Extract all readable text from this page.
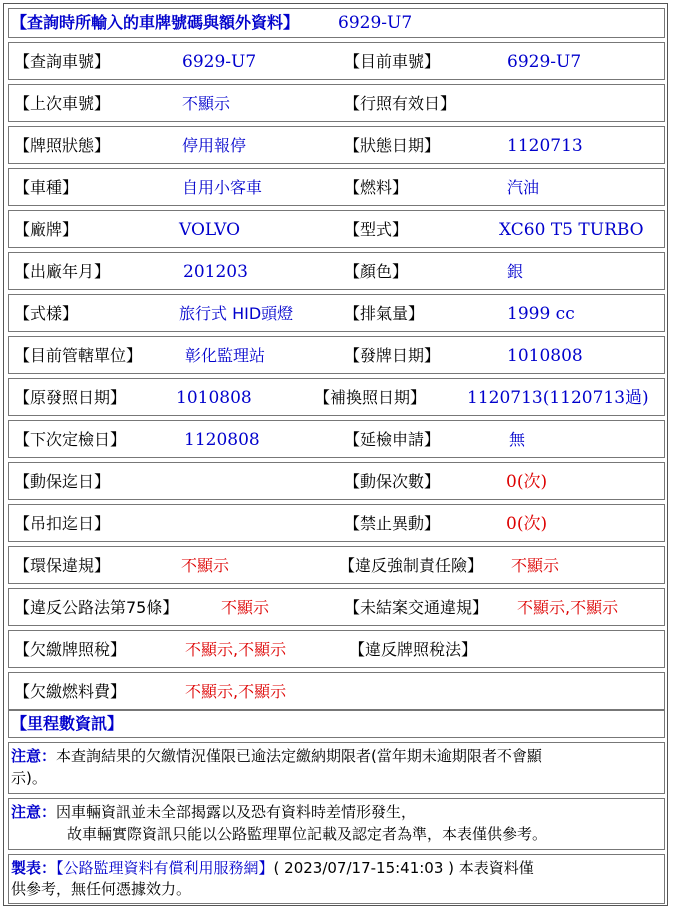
【查詢時所輸入的車牌號碼與額外資料】 6929-U7
【查詢車號】	6929-U7	【目前車號】	6929-U7
【上次車號】	不顯示	【行照有效日】
【牌照狀態】	停用報停	【狀態日期】	1120713
【車種】	自用小客車	【燃料】	汽油
【廠牌】	VOLVO	【型式】	XC60 T5 TURBO
【出廠年月】	201203	【顏色】	銀
【式樣】	旅行式 HID頭燈	【排氣量】	1999 cc
【目前管轄單位】	彰化監理站	【發牌日期】	1010808
【原發照日期】	1010808	【補換照日期】 1120713(1120713過)
【下次定檢日】	1120808	【延檢申請】	無
【動保迄日】	【動保次數】	0(次)
【吊扣迄日】	【禁止異動】	0(次)
【環保違規】	不顯示	【違反強制責任險】 不顯示
【違反公路法第75條】	不顯示	【未結案交通違規】 不顯示,不顯示
【欠繳牌照稅】	不顯示,不顯示	【違反牌照稅法】
【欠繳燃料費】	不顯示,不顯示
【里程數資訊】
注意：本查詢結果的欠繳情況僅限已逾法定繳納期限者(當年期未逾期限者不會顯
示)。
注意：因車輛資訊並未全部揭露以及恐有資料時差情形發生，
故車輛實際資訊只能以公路監理單位記載及認定者為準，本表僅供參考。
製表：【公路監理資料有償利用服務網】( 2023/07/17-15:41:03 ) 本表資料僅
供參考，無任何憑據效力。
